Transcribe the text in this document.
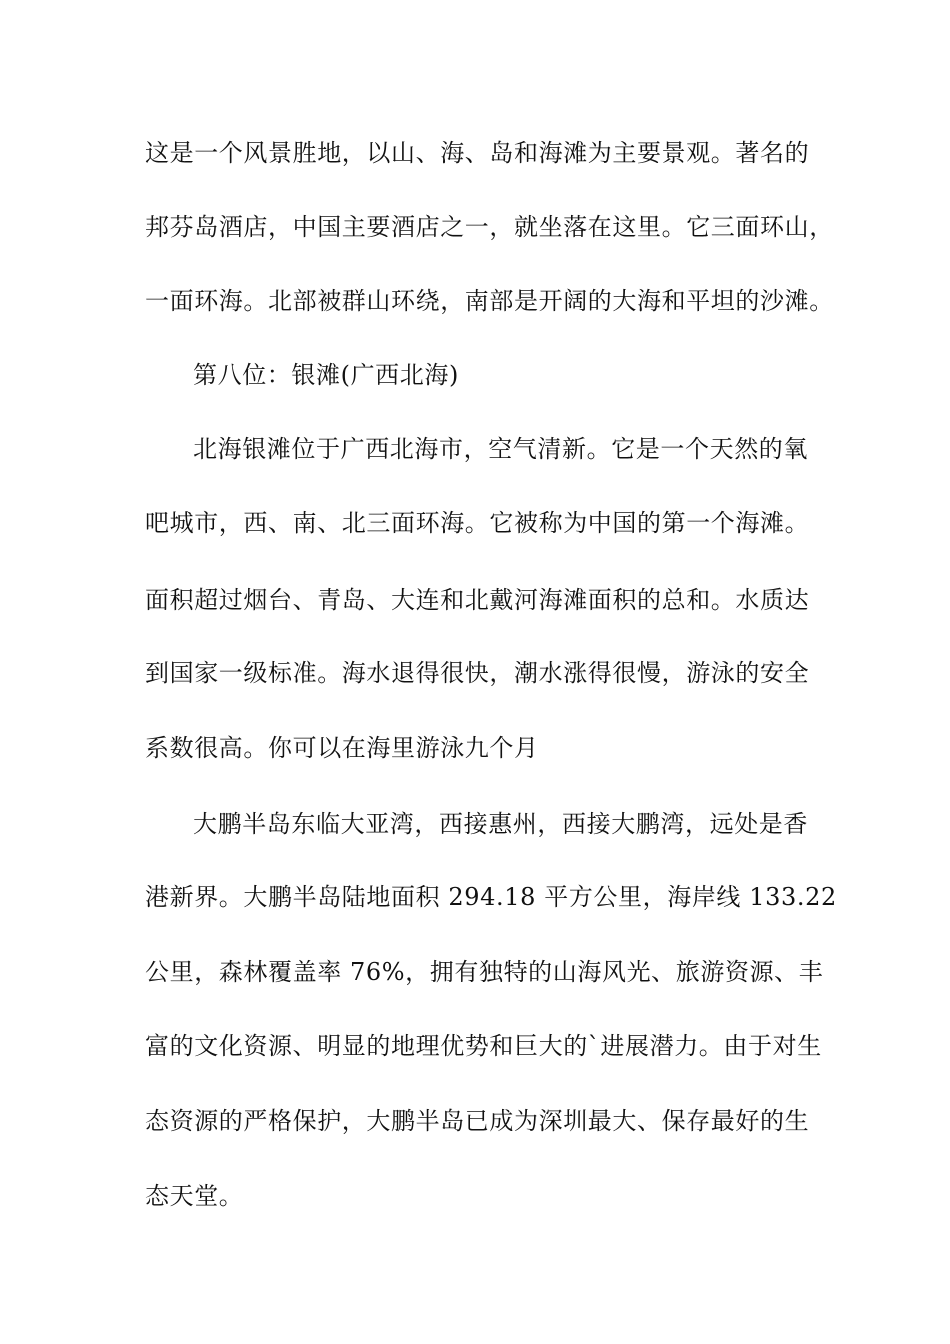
这是一个风景胜地，以山、海、岛和海滩为主要景观。著名的
邦芬岛酒店，中国主要酒店之一，就坐落在这里。它三面环山，
一面环海。北部被群山环绕，南部是开阔的大海和平坦的沙滩。
第八位：银滩(广西北海)
北海银滩位于广西北海市，空气清新。它是一个天然的氧
吧城市，西、南、北三面环海。它被称为中国的第一个海滩。
面积超过烟台、青岛、大连和北戴河海滩面积的总和。水质达
到国家一级标准。海水退得很快，潮水涨得很慢，游泳的安全
系数很高。你可以在海里游泳九个月
大鹏半岛东临大亚湾，西接惠州，西接大鹏湾，远处是香
港新界。大鹏半岛陆地面积 294.18 平方公里，海岸线 133.22
公里，森林覆盖率 76%，拥有独特的山海风光、旅游资源、丰
富的文化资源、明显的地理优势和巨大的`进展潜力。由于对生
态资源的严格保护，大鹏半岛已成为深圳最大、保存最好的生
态天堂。
